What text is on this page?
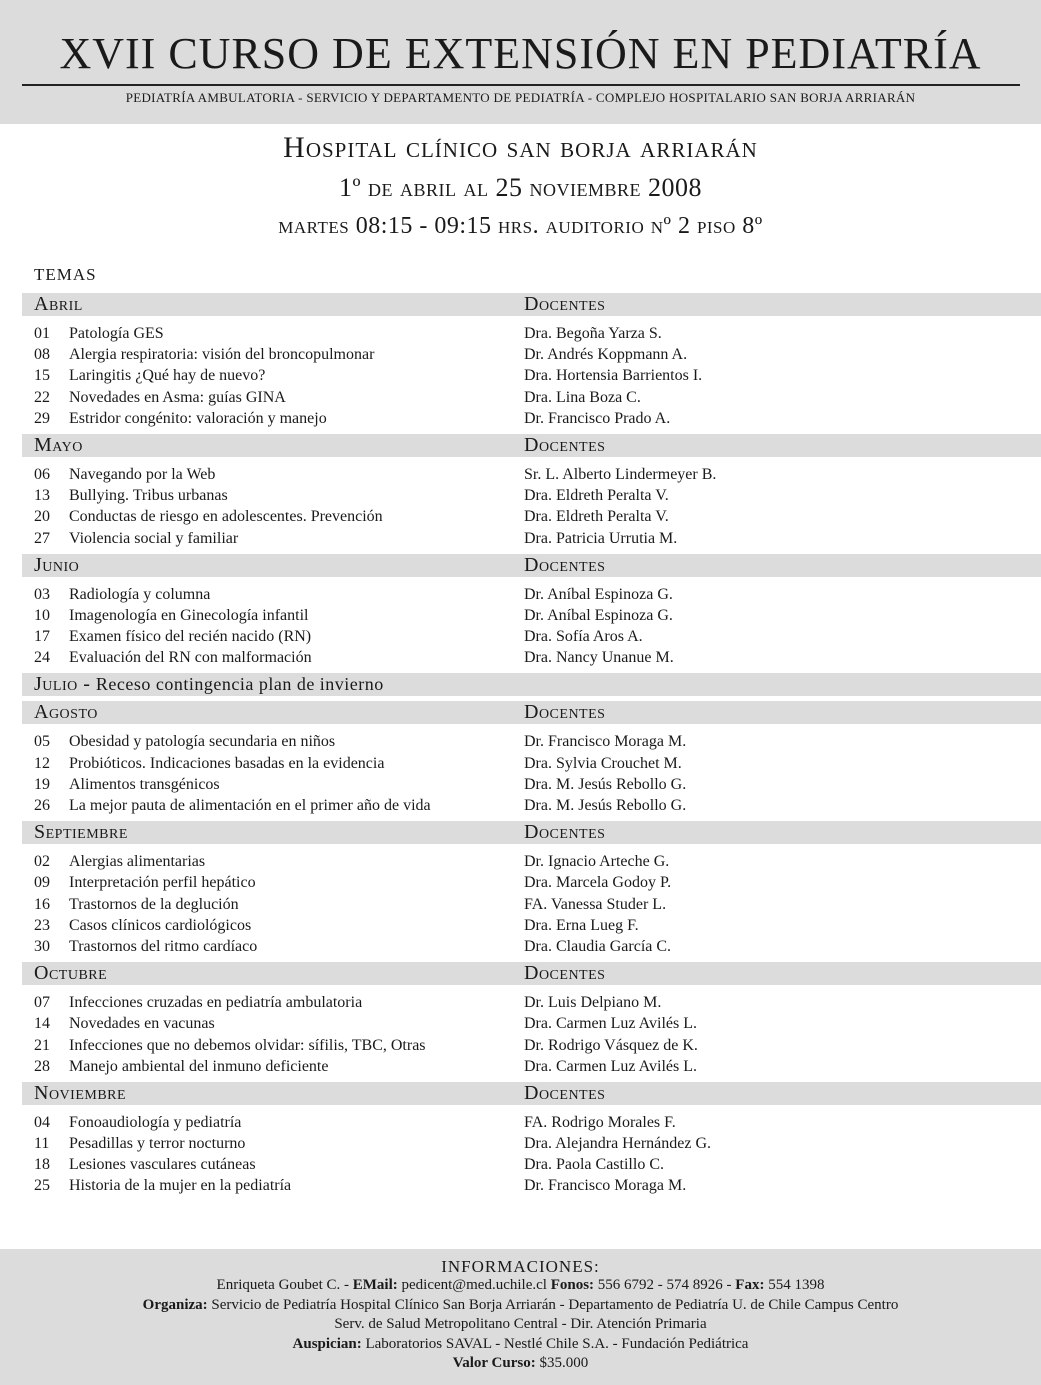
XVII CURSO DE EXTENSIÓN EN PEDIATRÍA
PEDIATRÍA AMBULATORIA - SERVICIO Y DEPARTAMENTO DE PEDIATRÍA - COMPLEJO HOSPITALARIO SAN BORJA ARRIARÁN
Hospital clínico san borja arriarán
1º de abril al 25 noviembre 2008
martes 08:15 - 09:15 hrs. auditorio nº 2 piso 8º
temas
Abril	Docentes
01 Patología GES	Dra. Begoña Yarza S.
08 Alergia respiratoria: visión del broncopulmonar	Dr. Andrés Koppmann A.
15 Laringitis ¿Qué hay de nuevo?	Dra. Hortensia Barrientos I.
22 Novedades en Asma: guías GINA	Dra. Lina Boza C.
29 Estridor congénito: valoración y manejo	Dr. Francisco Prado A.
Mayo	Docentes
06 Navegando por la Web	Sr. L. Alberto Lindermeyer B.
13 Bullying. Tribus urbanas	Dra. Eldreth Peralta V.
20 Conductas de riesgo en adolescentes. Prevención	Dra. Eldreth Peralta V.
27 Violencia social y familiar	Dra. Patricia Urrutia M.
Junio	Docentes
03 Radiología y columna	Dr. Aníbal Espinoza G.
10 Imagenología en Ginecología infantil	Dr. Aníbal Espinoza G.
17 Examen físico del recién nacido (RN)	Dra. Sofía Aros A.
24 Evaluación del RN con malformación	Dra. Nancy Unanue M.
Julio - Receso contingencia plan de invierno
Agosto	Docentes
05 Obesidad y patología secundaria en niños	Dr. Francisco Moraga M.
12 Probióticos. Indicaciones basadas en la evidencia	Dra. Sylvia Crouchet M.
19 Alimentos transgénicos	Dra. M. Jesús Rebollo G.
26 La mejor pauta de alimentación en el primer año de vida	Dra. M. Jesús Rebollo G.
Septiembre	Docentes
02 Alergias alimentarias	Dr. Ignacio Arteche G.
09 Interpretación perfil hepático	Dra. Marcela Godoy P.
16 Trastornos de la deglución	FA. Vanessa Studer L.
23 Casos clínicos cardiológicos	Dra. Erna Lueg F.
30 Trastornos del ritmo cardíaco	Dra. Claudia García C.
Octubre	Docentes
07 Infecciones cruzadas en pediatría ambulatoria	Dr. Luis Delpiano M.
14 Novedades en vacunas	Dra. Carmen Luz Avilés L.
21 Infecciones que no debemos olvidar: sífilis, TBC, Otras	Dr. Rodrigo Vásquez de K.
28 Manejo ambiental del inmuno deficiente	Dra. Carmen Luz Avilés L.
Noviembre	Docentes
04 Fonoaudiología y pediatría	FA. Rodrigo Morales F.
11 Pesadillas y terror nocturno	Dra. Alejandra Hernández G.
18 Lesiones vasculares cutáneas	Dra. Paola Castillo C.
25 Historia de la mujer en la pediatría	Dr. Francisco Moraga M.
INFORMACIONES:
Enriqueta Goubet C. - EMail: pedicent@med.uchile.cl Fonos: 556 6792 - 574 8926 - Fax: 554 1398
Organiza: Servicio de Pediatría Hospital Clínico San Borja Arriarán - Departamento de Pediatría U. de Chile Campus Centro
Serv. de Salud Metropolitano Central - Dir. Atención Primaria
Auspician: Laboratorios SAVAL - Nestlé Chile S.A. - Fundación Pediátrica
Valor Curso: $35.000
